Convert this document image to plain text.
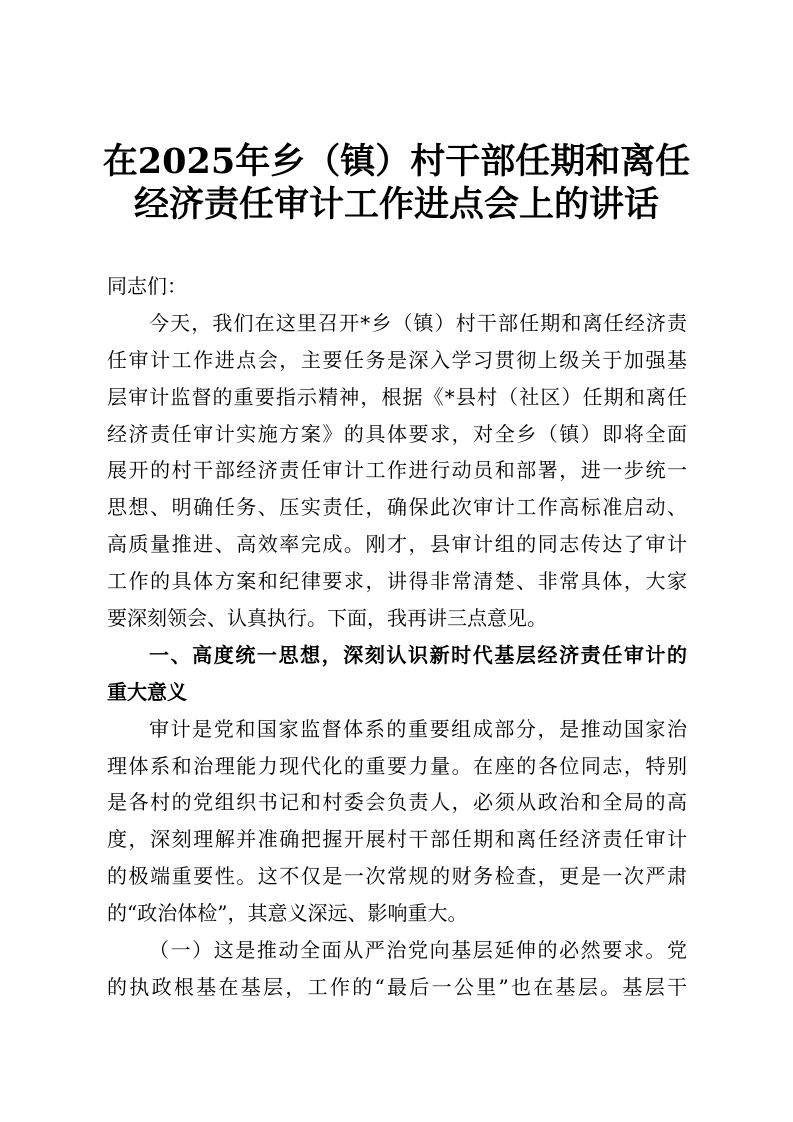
在2025年乡（镇）村干部任期和离任
经济责任审计工作进点会上的讲话
同志们：
今天，我们在这里召开*乡（镇）村干部任期和离任经济责
任审计工作进点会，主要任务是深入学习贯彻上级关于加强基
层审计监督的重要指示精神，根据《*县村（社区）任期和离任
经济责任审计实施方案》的具体要求，对全乡（镇）即将全面
展开的村干部经济责任审计工作进行动员和部署，进一步统一
思想、明确任务、压实责任，确保此次审计工作高标准启动、
高质量推进、高效率完成。刚才，县审计组的同志传达了审计
工作的具体方案和纪律要求，讲得非常清楚、非常具体，大家
要深刻领会、认真执行。下面，我再讲三点意见。
一、高度统一思想，深刻认识新时代基层经济责任审计的
重大意义
审计是党和国家监督体系的重要组成部分，是推动国家治
理体系和治理能力现代化的重要力量。在座的各位同志，特别
是各村的党组织书记和村委会负责人，必须从政治和全局的高
度，深刻理解并准确把握开展村干部任期和离任经济责任审计
的极端重要性。这不仅是一次常规的财务检查，更是一次严肃
的“政治体检”，其意义深远、影响重大。
（一）这是推动全面从严治党向基层延伸的必然要求。党
的执政根基在基层，工作的“最后一公里”也在基层。基层干
